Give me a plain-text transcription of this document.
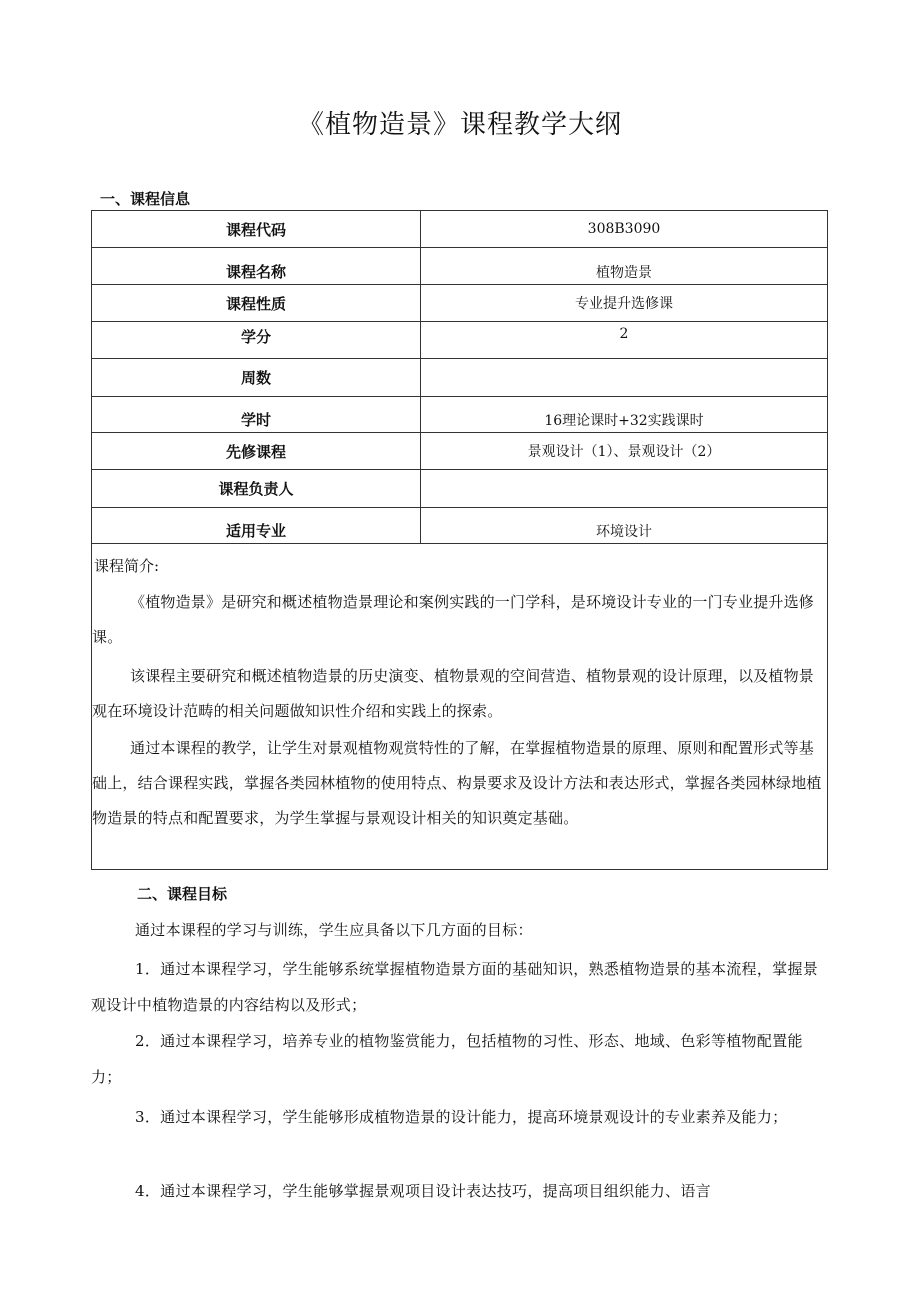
《植物造景》课程教学大纲
一、课程信息
课程代码	308B3090
课程名称	植物造景
课程性质	专业提升选修课
学分	2
周数	
学时	16理论课时+32实践课时
先修课程	景观设计（1）、景观设计（2）
课程负责人	
适用专业	环境设计
课程简介:

《植物造景》是研究和概述植物造景理论和案例实践的一门学科，是环境设计专业的一门专业提升选修课。

该课程主要研究和概述植物造景的历史演变、植物景观的空间营造、植物景观的设计原理，以及植物景观在环境设计范畴的相关问题做知识性介绍和实践上的探索。

通过本课程的教学，让学生对景观植物观赏特性的了解，在掌握植物造景的原理、原则和配置形式等基础上，结合课程实践，掌握各类园林植物的使用特点、构景要求及设计方法和表达形式，掌握各类园林绿地植物造景的特点和配置要求，为学生掌握与景观设计相关的知识奠定基础。

二、课程目标

通过本课程的学习与训练，学生应具备以下几方面的目标：

1．通过本课程学习，学生能够系统掌握植物造景方面的基础知识，熟悉植物造景的基本流程，掌握景观设计中植物造景的内容结构以及形式；

2．通过本课程学习，培养专业的植物鉴赏能力，包括植物的习性、形态、地域、色彩等植物配置能力；

3．通过本课程学习，学生能够形成植物造景的设计能力，提高环境景观设计的专业素养及能力；

4．通过本课程学习，学生能够掌握景观项目设计表达技巧，提高项目组织能力、语言
